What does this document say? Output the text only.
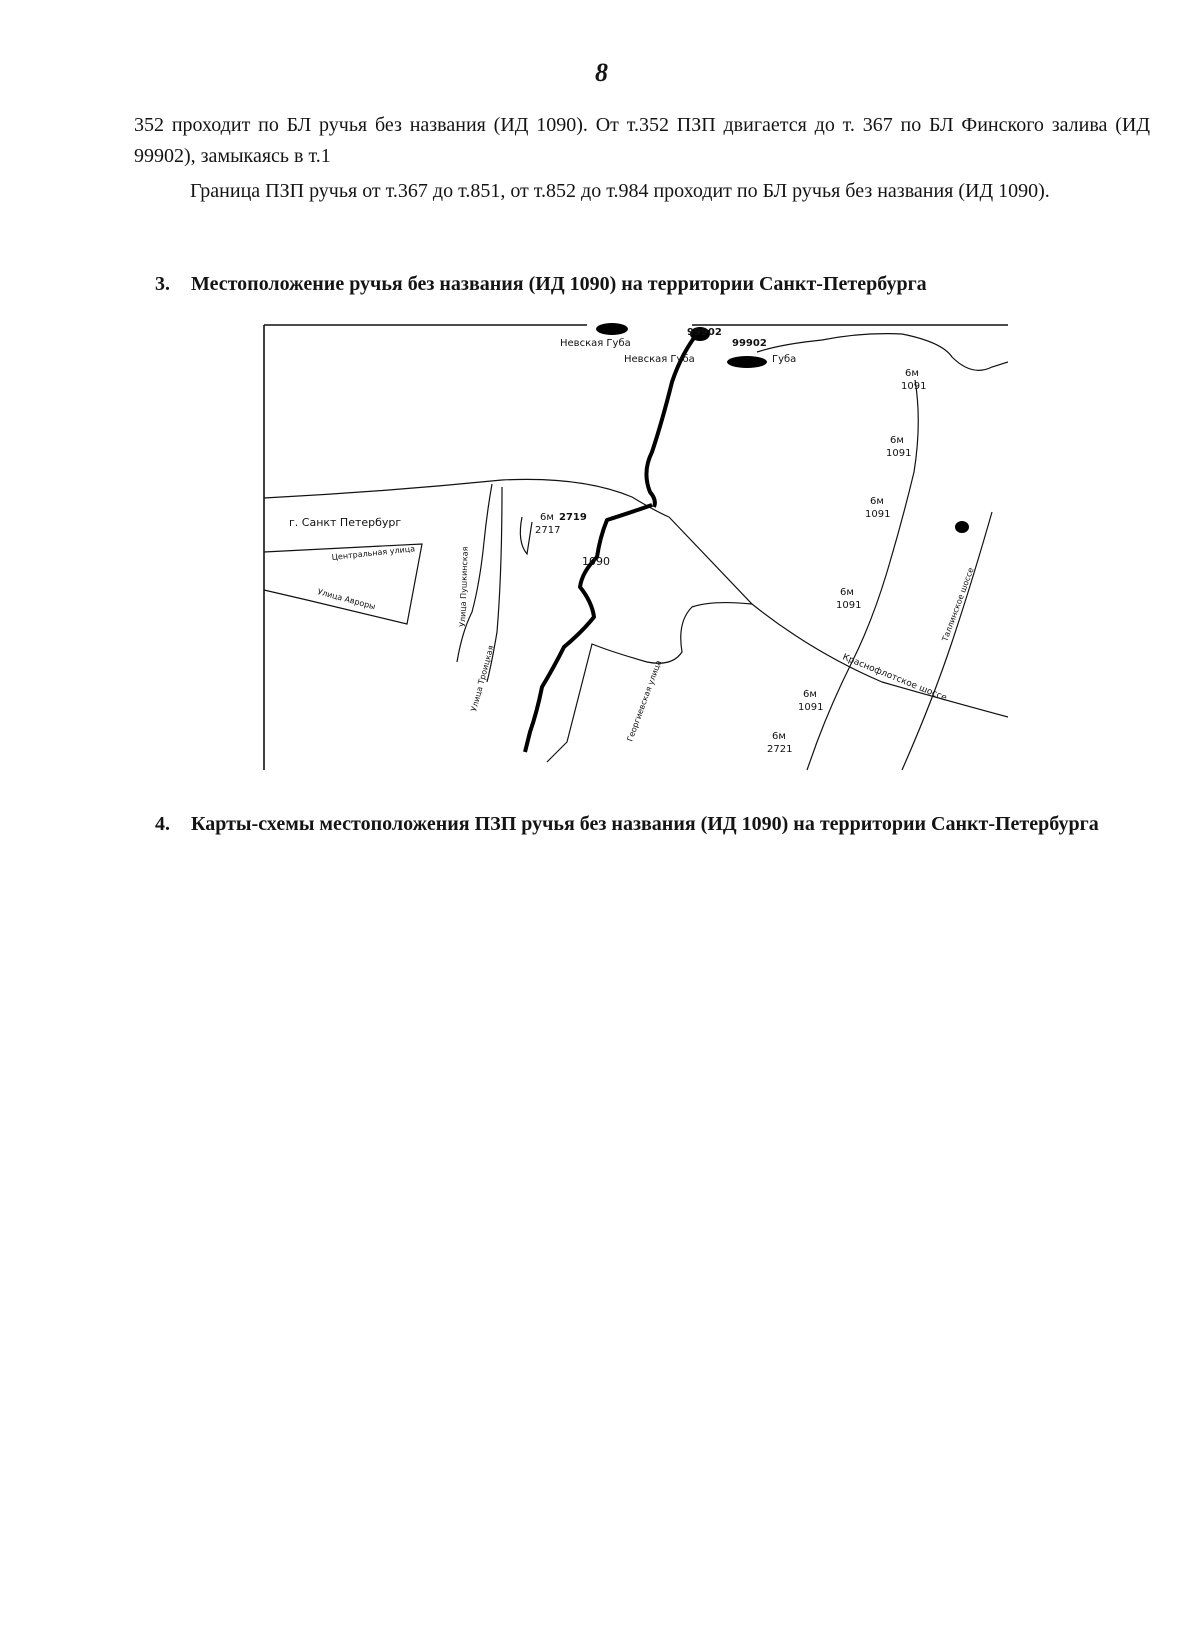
8

352 проходит по БЛ ручья без названия (ИД 1090). От т.352 ПЗП двигается до т. 367 по БЛ Финского залива (ИД 99902), замыкаясь в т.1

Граница ПЗП ручья от т.367 до т.851, от т.852 до т.984 проходит по БЛ ручья без названия (ИД 1090).

3. Местоположение ручья без названия (ИД 1090) на территории Санкт-Петербурга
Невская Губа
Невская Губа	Губа
99902
99902
г. Санкт Петербург
1090
6м 2719
2717
6м
1091
6м
1091
6м
1091
6м
1091
6м
1091
6м
2721
Центральная улица
Улица Авроры	Улица Пушкинская
Улица Троицкая	Георгиевская улица	Краснофлотское шоссе
Таллинское шоссе
4.	Карты-схемы местоположения ПЗП ручья без названия (ИД 1090) на территории Санкт-Петербурга
